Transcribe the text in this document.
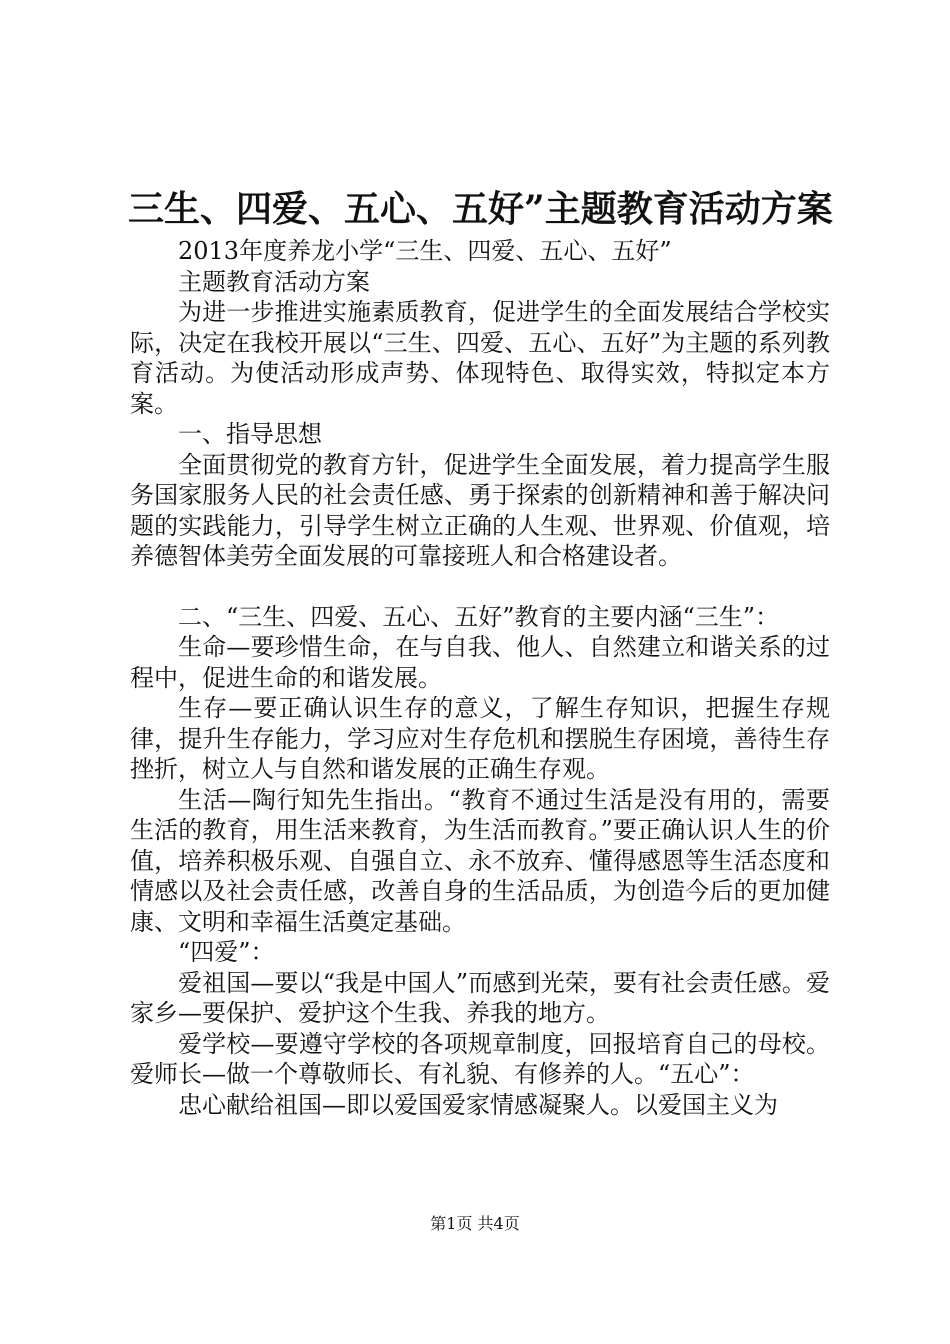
三生、四爱、五心、五好”主题教育活动方案

2013年度养龙小学“三生、四爱、五心、五好”

主题教育活动方案

为进一步推进实施素质教育，促进学生的全面发展结合学校实际，决定在我校开展以“三生、四爱、五心、五好”为主题的系列教育活动。为使活动形成声势、体现特色、取得实效，特拟定本方案。

一、指导思想

全面贯彻党的教育方针，促进学生全面发展，着力提高学生服务国家服务人民的社会责任感、勇于探索的创新精神和善于解决问题的实践能力，引导学生树立正确的人生观、世界观、价值观，培养德智体美劳全面发展的可靠接班人和合格建设者。

二、“三生、四爱、五心、五好”教育的主要内涵“三生”：

生命—要珍惜生命，在与自我、他人、自然建立和谐关系的过程中，促进生命的和谐发展。

生存—要正确认识生存的意义，了解生存知识，把握生存规律，提升生存能力，学习应对生存危机和摆脱生存困境，善待生存挫折，树立人与自然和谐发展的正确生存观。

生活—陶行知先生指出。“教育不通过生活是没有用的，需要生活的教育，用生活来教育，为生活而教育。”要正确认识人生的价值，培养积极乐观、自强自立、永不放弃、懂得感恩等生活态度和情感以及社会责任感，改善自身的生活品质，为创造今后的更加健康、文明和幸福生活奠定基础。

“四爱”：

爱祖国—要以“我是中国人”而感到光荣，要有社会责任感。爱家乡—要保护、爱护这个生我、养我的地方。

爱学校—要遵守学校的各项规章制度，回报培育自己的母校。爱师长—做一个尊敬师长、有礼貌、有修养的人。“五心”：

忠心献给祖国—即以爱国爱家情感凝聚人。以爱国主义为

第1页 共4页
